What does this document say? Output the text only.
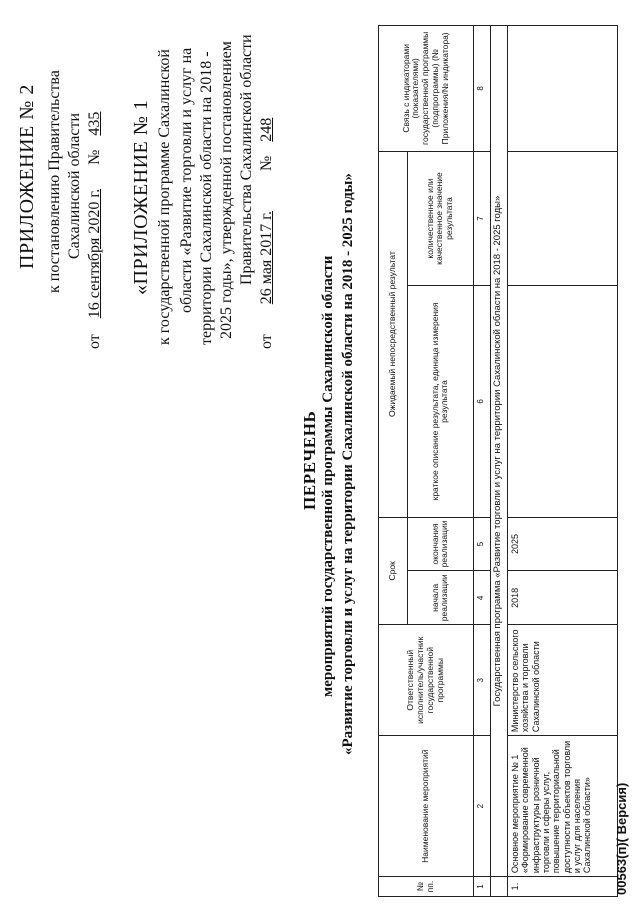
ПРИЛОЖЕНИЕ № 2 к постановлению Правительства Сахалинской области
от16 сентября 2020 г.№435 «ПРИЛОЖЕНИЕ № 1 к государственной программе Сахалинской области «Развитие торговли и услуг на территории Сахалинской области на 2018 - 2025 годы», утвержденной постановлением Правительства Сахалинской области
от26 мая 2017 г.№248
ПЕРЕЧЕНЬ мероприятий государственной программы Сахалинской области «Развитие торговли и услуг на территории Сахалинской области на 2018 - 2025 годы»
№ пп.	Наименование мероприятий	Ответственный исполнитель/участник государственной программы	Срок		Ожидаемый непосредственный результат		Связь с индикаторами (показателями) государственной программы (подпрограммы) (№ Приложения/№ индикатора)
			начала реализации	окончания реализации	краткое описание результата, единица измерения результата	количественное или качественное значение результата	
1	2	3	4	5	6	7	8
	Государственная программа «Развитие торговли и услуг на территории Сахалинской области на 2018 - 2025 годы»						
1.	Основное мероприятие № 1 «Формирование современной инфраструктуры розничной торговли и сферы услуг, повышение территориальной доступности объектов торговли и услуг для населения Сахалинской области»	Министерство сельского хозяйства и торговли Сахалинской области	2018	2025			
00563(п)( Версия)
